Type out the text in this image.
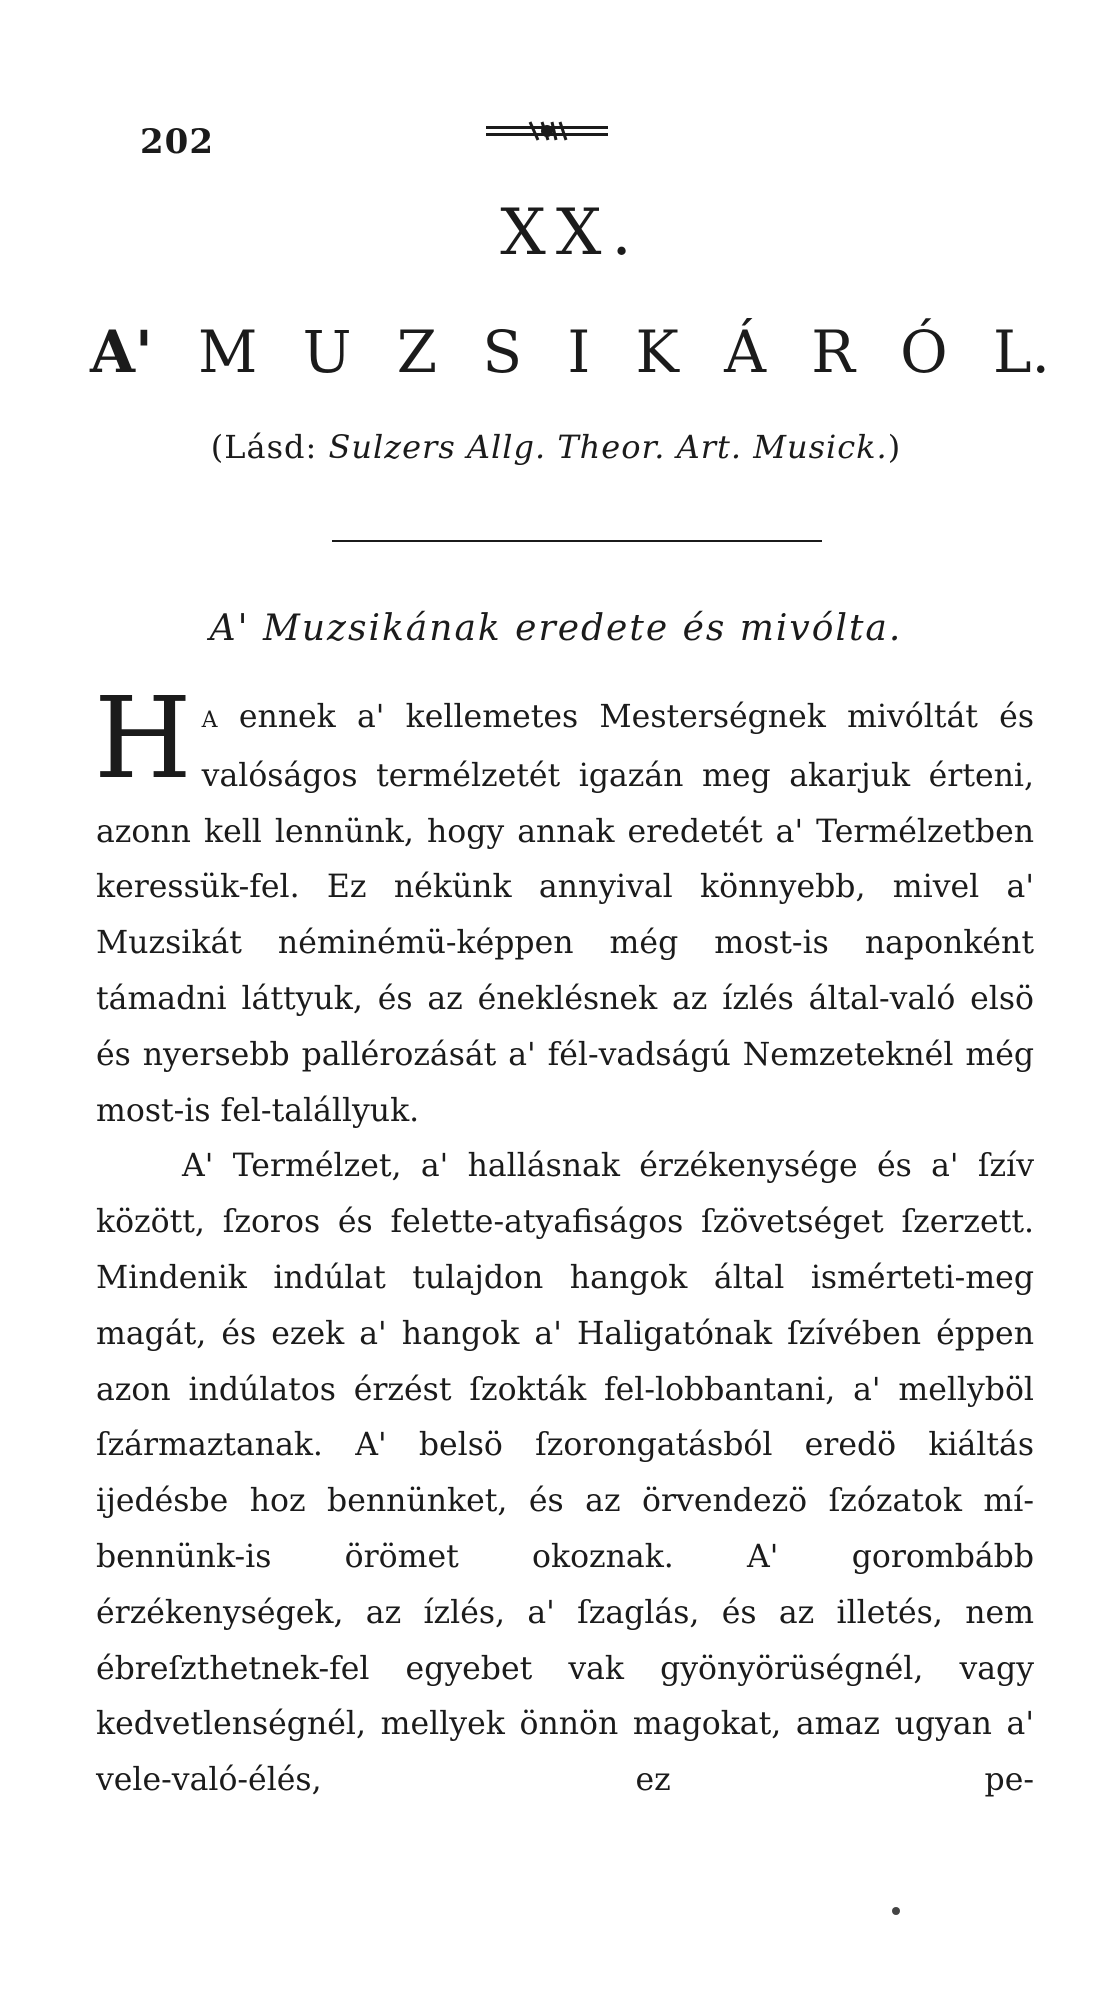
202
XX.
A' M U Z S I K Á R Ó L.
(Lásd: Sulzers Allg. Theor. Art. Musick.)
A' Muzsikának eredete és mivólta.

H A ennek a' kellemetes Mesterségnek mivóltát és valóságos termélzetét igazán meg akarjuk érteni, azonn kell lennünk, hogy annak eredetét a' Termélzetben keressük-fel. Ez nékünk annyival könnyebb, mivel a' Muzsikát néminémü-képpen még most-is naponként támadni láttyuk, és az éneklésnek az ízlés által-való elsö és nyersebb pallérozását a' fél-vadságú Nemzeteknél még most-is fel-talállyuk.

A' Termélzet, a' hallásnak érzékenysége és a' ſzív között, ſzoros és felette-atyafiságos ſzövetséget ſzerzett. Mindenik indúlat tulajdon hangok által ismérteti-meg magát, és ezek a' hangok a' Haligatónak ſzívében éppen azon indúlatos érzést ſzokták fel-lobbantani, a' mellyböl ſzármaztanak. A' belsö ſzorongatásból eredö kiáltás ijedésbe hoz bennünket, és az örvendezö ſzózatok mí-bennünk-is örömet okoznak. A' gorombább érzékenységek, az ízlés, a' ſzaglás, és az illetés, nem ébreſzthetnek-fel egyebet vak gyönyörüségnél, vagy kedvetlenségnél, mellyek önnön magokat, amaz ugyan a' vele-való-élés, ez pe-
